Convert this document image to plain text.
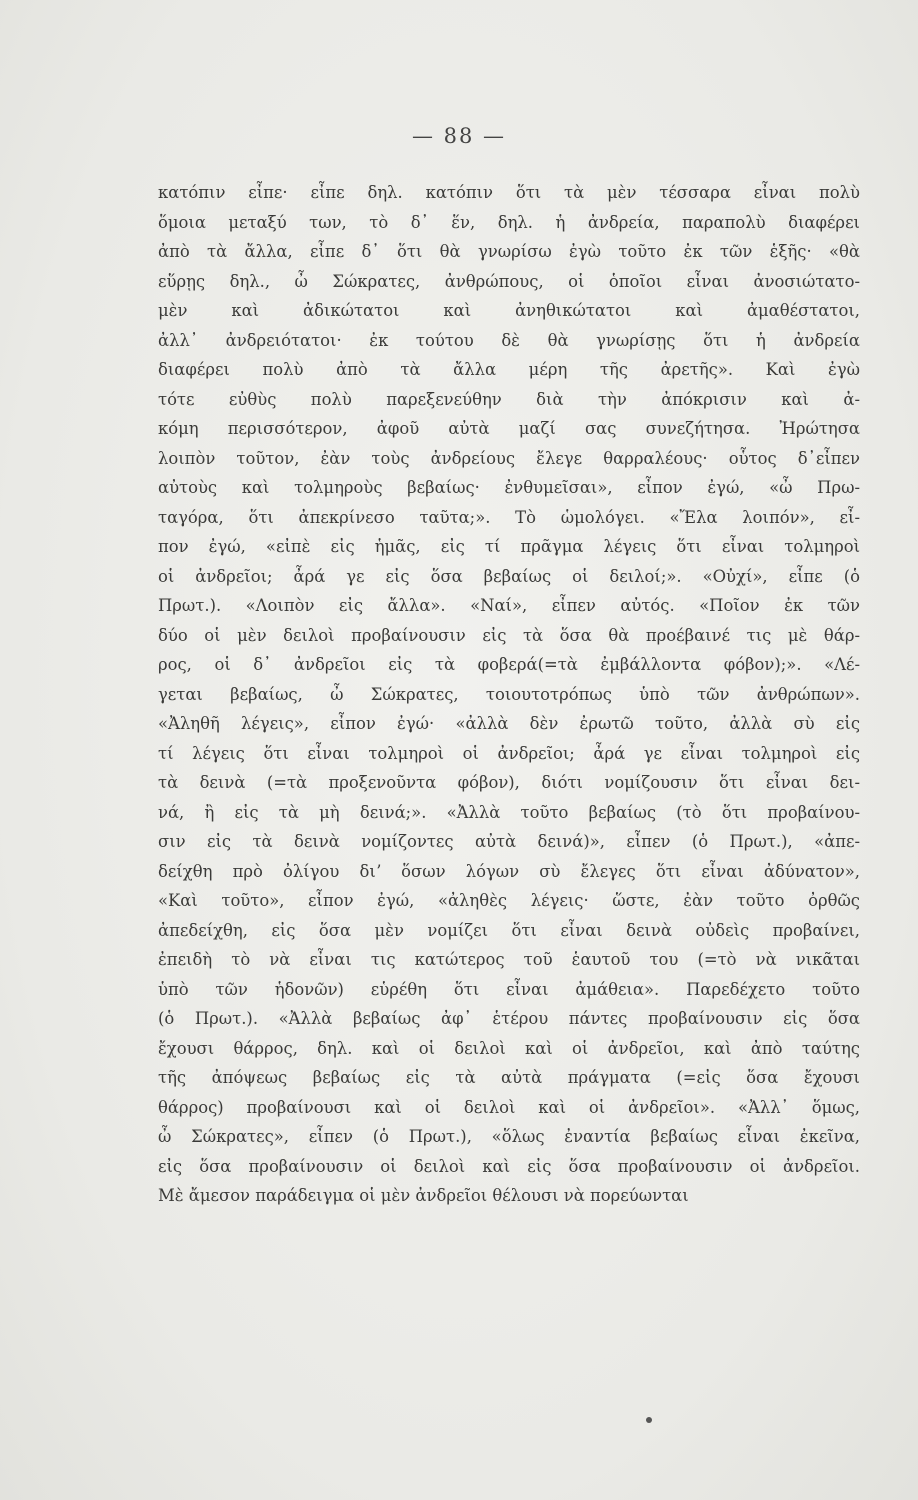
— 88 —
κατόπιν εἶπε· εἶπε δηλ. κατόπιν ὅτι τὰ μὲν τέσσαρα εἶναι πολὺ
ὅμοια μεταξύ των, τὸ δ᾽ ἕν, δηλ. ἡ ἀνδρεία, παραπολὺ διαφέρει
ἀπὸ τὰ ἄλλα, εἶπε δ᾽ ὅτι θὰ γνωρίσω ἐγὼ τοῦτο ἐκ τῶν ἑξῆς· «θὰ
εὕρῃς δηλ., ὦ Σώκρατες, ἀνθρώπους, οἱ ὁποῖοι εἶναι ἀνοσιώτατο-
μὲν καὶ ἀδικώτατοι καὶ ἀνηθικώτατοι καὶ ἀμαθέστατοι,
ἀλλ᾽ ἀνδρειότατοι· ἐκ τούτου δὲ θὰ γνωρίσῃς ὅτι ἡ ἀνδρεία
διαφέρει πολὺ ἀπὸ τὰ ἄλλα μέρη τῆς ἀρετῆς». Καὶ ἐγὼ
τότε εὐθὺς πολὺ παρεξενεύθην διὰ τὴν ἀπόκρισιν καὶ ἀ-
κόμη περισσότερον, ἀφοῦ αὐτὰ μαζί σας συνεζήτησα. Ἠρώτησα
λοιπὸν τοῦτον, ἐὰν τοὺς ἀνδρείους ἔλεγε θαρραλέους· οὗτος δ᾽εἶπεν
αὐτοὺς καὶ τολμηροὺς βεβαίως· ἐνθυμεῖσαι», εἶπον ἐγώ, «ὦ Πρω-
ταγόρα, ὅτι ἀπεκρίνεσο ταῦτα;». Τὸ ὡμολόγει. «Ἔλα λοιπόν», εἶ-
πον ἐγώ, «εἰπὲ εἰς ἡμᾶς, εἰς τί πρᾶγμα λέγεις ὅτι εἶναι τολμηροὶ
οἱ ἀνδρεῖοι; ἆρά γε εἰς ὅσα βεβαίως οἱ δειλοί;». «Οὐχί», εἶπε (ὁ
Πρωτ.). «Λοιπὸν εἰς ἄλλα». «Ναί», εἶπεν αὐτός. «Ποῖον ἐκ τῶν
δύο οἱ μὲν δειλοὶ προβαίνουσιν εἰς τὰ ὅσα θὰ προέβαινέ τις μὲ θάρ-
ρος, οἱ δ᾽ ἀνδρεῖοι εἰς τὰ φοβερά(=τὰ ἐμβάλλοντα φόβον);». «Λέ-
γεται βεβαίως, ὦ Σώκρατες, τοιουτοτρόπως ὑπὸ τῶν ἀνθρώπων».
«Ἀληθῆ λέγεις», εἶπον ἐγώ· «ἀλλὰ δὲν ἐρωτῶ τοῦτο, ἀλλὰ σὺ εἰς
τί λέγεις ὅτι εἶναι τολμηροὶ οἱ ἀνδρεῖοι; ἆρά γε εἶναι τολμηροὶ εἰς
τὰ δεινὰ (=τὰ προξενοῦντα φόβον), διότι νομίζουσιν ὅτι εἶναι δει-
νά, ἢ εἰς τὰ μὴ δεινά;». «Ἀλλὰ τοῦτο βεβαίως (τὸ ὅτι προβαίνου-
σιν εἰς τὰ δεινὰ νομίζοντες αὐτὰ δεινά)», εἶπεν (ὁ Πρωτ.), «ἀπε-
δείχθη πρὸ ὀλίγου διʼ ὅσων λόγων σὺ ἔλεγες ὅτι εἶναι ἀδύνατον»,
«Καὶ τοῦτο», εἶπον ἐγώ, «ἀληθὲς λέγεις· ὥστε, ἐὰν τοῦτο ὀρθῶς
ἀπεδείχθη, εἰς ὅσα μὲν νομίζει ὅτι εἶναι δεινὰ οὐδεὶς προβαίνει,
ἐπειδὴ τὸ νὰ εἶναι τις κατώτερος τοῦ ἑαυτοῦ του (=τὸ νὰ νικᾶται
ὑπὸ τῶν ἡδονῶν) εὑρέθη ὅτι εἶναι ἀμάθεια». Παρεδέχετο τοῦτο
(ὁ Πρωτ.). «Ἀλλὰ βεβαίως ἀφ᾽ ἑτέρου πάντες προβαίνουσιν εἰς ὅσα
ἔχουσι θάρρος, δηλ. καὶ οἱ δειλοὶ καὶ οἱ ἀνδρεῖοι, καὶ ἀπὸ ταύτης
τῆς ἀπόψεως βεβαίως εἰς τὰ αὐτὰ πράγματα (=εἰς ὅσα ἔχουσι
θάρρος) προβαίνουσι καὶ οἱ δειλοὶ καὶ οἱ ἀνδρεῖοι». «Ἀλλ᾽ ὅμως,
ὦ Σώκρατες», εἶπεν (ὁ Πρωτ.), «ὅλως ἐναντία βεβαίως εἶναι ἐκεῖνα,
εἰς ὅσα προβαίνουσιν οἱ δειλοὶ καὶ εἰς ὅσα προβαίνουσιν οἱ ἀνδρεῖοι.
Μὲ ἄμεσον παράδειγμα οἱ μὲν ἀνδρεῖοι θέλουσι νὰ πορεύωνται
